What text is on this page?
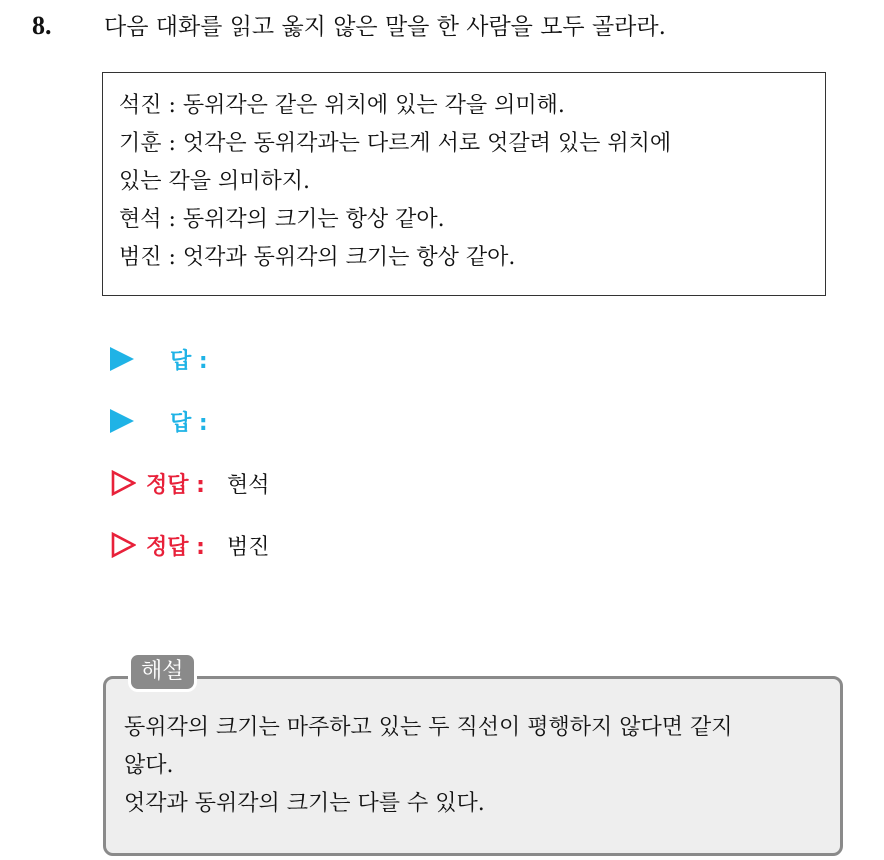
8. 다음 대화를 읽고 옳지 않은 말을 한 사람을 모두 골라라.
석진 : 동위각은 같은 위치에 있는 각을 의미해.
기훈 : 엇각은 동위각과는 다르게 서로 엇갈려 있는 위치에
있는 각을 의미하지.
현석 : 동위각의 크기는 항상 같아.
범진 : 엇각과 동위각의 크기는 항상 같아.
답 :
답 :
정답 : 현석
정답 : 범진
해설
동위각의 크기는 마주하고 있는 두 직선이 평행하지 않다면 같지
않다.
엇각과 동위각의 크기는 다를 수 있다.
